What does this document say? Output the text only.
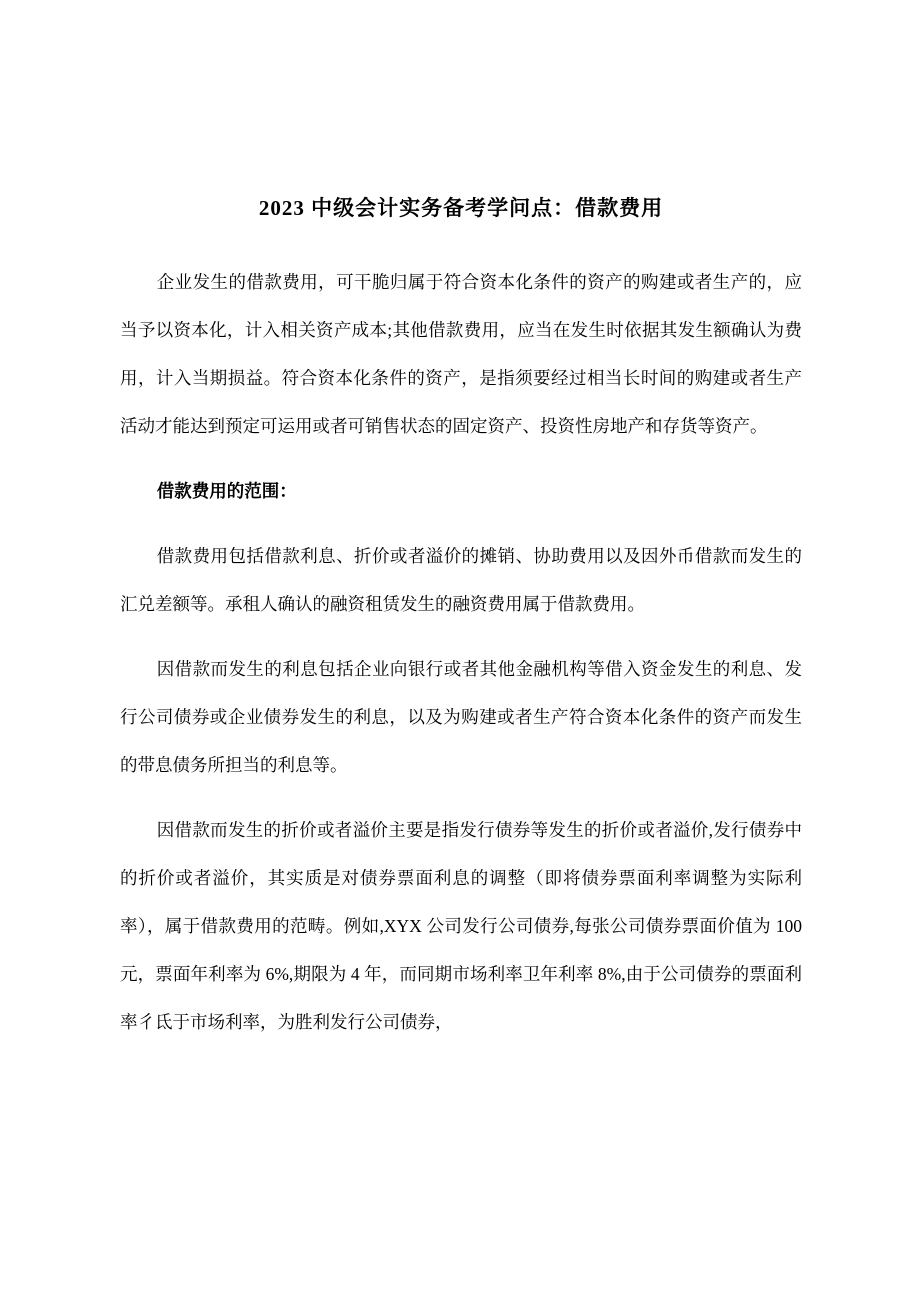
2023 中级会计实务备考学问点：借款费用

企业发生的借款费用，可干脆归属于符合资本化条件的资产的购建或者生产的，应当予以资本化，计入相关资产成本;其他借款费用，应当在发生时依据其发生额确认为费用，计入当期损益。符合资本化条件的资产，是指须要经过相当长时间的购建或者生产活动才能达到预定可运用或者可销售状态的固定资产、投资性房地产和存货等资产。

借款费用的范围：

借款费用包括借款利息、折价或者溢价的摊销、协助费用以及因外币借款而发生的汇兑差额等。承租人确认的融资租赁发生的融资费用属于借款费用。

因借款而发生的利息包括企业向银行或者其他金融机构等借入资金发生的利息、发行公司债券或企业债券发生的利息，以及为购建或者生产符合资本化条件的资产而发生的带息债务所担当的利息等。

因借款而发生的折价或者溢价主要是指发行债券等发生的折价或者溢价,发行债券中的折价或者溢价，其实质是对债券票面利息的调整（即将债券票面利率调整为实际利率），属于借款费用的范畴。例如,XYX 公司发行公司债券,每张公司债券票面价值为 100 元，票面年利率为 6%,期限为 4 年，而同期市场利率卫年利率 8%,由于公司债券的票面利率彳氐于市场利率，为胜利发行公司债券，
